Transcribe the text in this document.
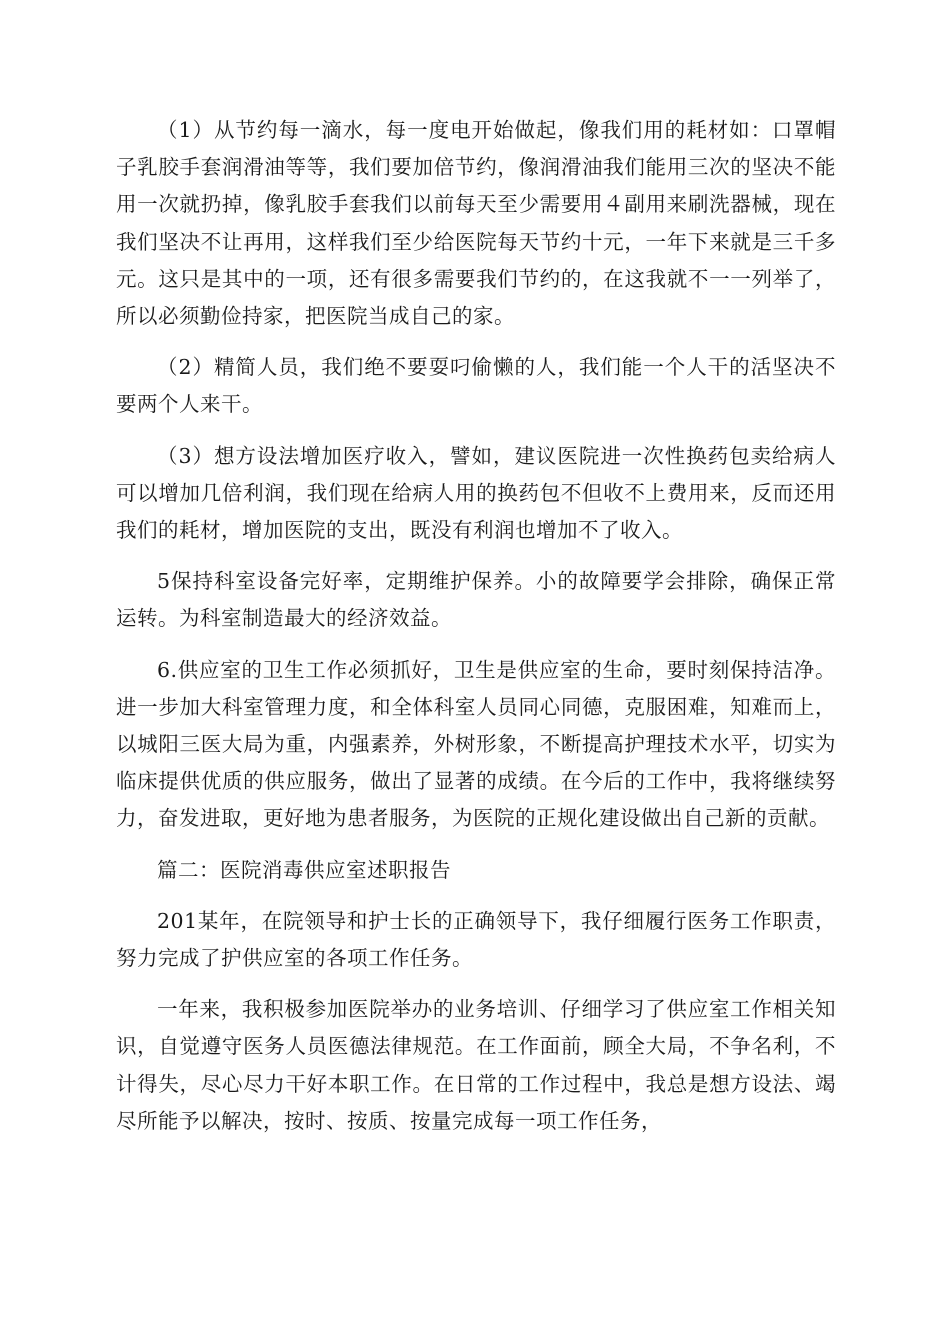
（1）从节约每一滴水，每一度电开始做起，像我们用的耗材如：口罩帽子乳胶手套润滑油等等，我们要加倍节约，像润滑油我们能用三次的坚决不能用一次就扔掉，像乳胶手套我们以前每天至少需要用４副用来刷洗器械，现在我们坚决不让再用，这样我们至少给医院每天节约十元，一年下来就是三千多元。这只是其中的一项，还有很多需要我们节约的，在这我就不一一列举了，所以必须勤俭持家，把医院当成自己的家。

（2）精简人员，我们绝不要耍叼偷懒的人，我们能一个人干的活坚决不要两个人来干。

（3）想方设法增加医疗收入，譬如，建议医院进一次性换药包卖给病人可以增加几倍利润，我们现在给病人用的换药包不但收不上费用来，反而还用我们的耗材，增加医院的支出，既没有利润也增加不了收入。

5保持科室设备完好率，定期维护保养。小的故障要学会排除，确保正常运转。为科室制造最大的经济效益。

6.供应室的卫生工作必须抓好，卫生是供应室的生命，要时刻保持洁净。进一步加大科室管理力度，和全体科室人员同心同德，克服困难，知难而上，以城阳三医大局为重，内强素养，外树形象，不断提高护理技术水平，切实为临床提供优质的供应服务，做出了显著的成绩。在今后的工作中，我将继续努力，奋发进取，更好地为患者服务，为医院的正规化建设做出自己新的贡献。

篇二：医院消毒供应室述职报告

201某年，在院领导和护士长的正确领导下，我仔细履行医务工作职责，努力完成了护供应室的各项工作任务。

一年来，我积极参加医院举办的业务培训、仔细学习了供应室工作相关知识，自觉遵守医务人员医德法律规范。在工作面前，顾全大局，不争名利，不计得失，尽心尽力干好本职工作。在日常的工作过程中，我总是想方设法、竭尽所能予以解决，按时、按质、按量完成每一项工作任务，
